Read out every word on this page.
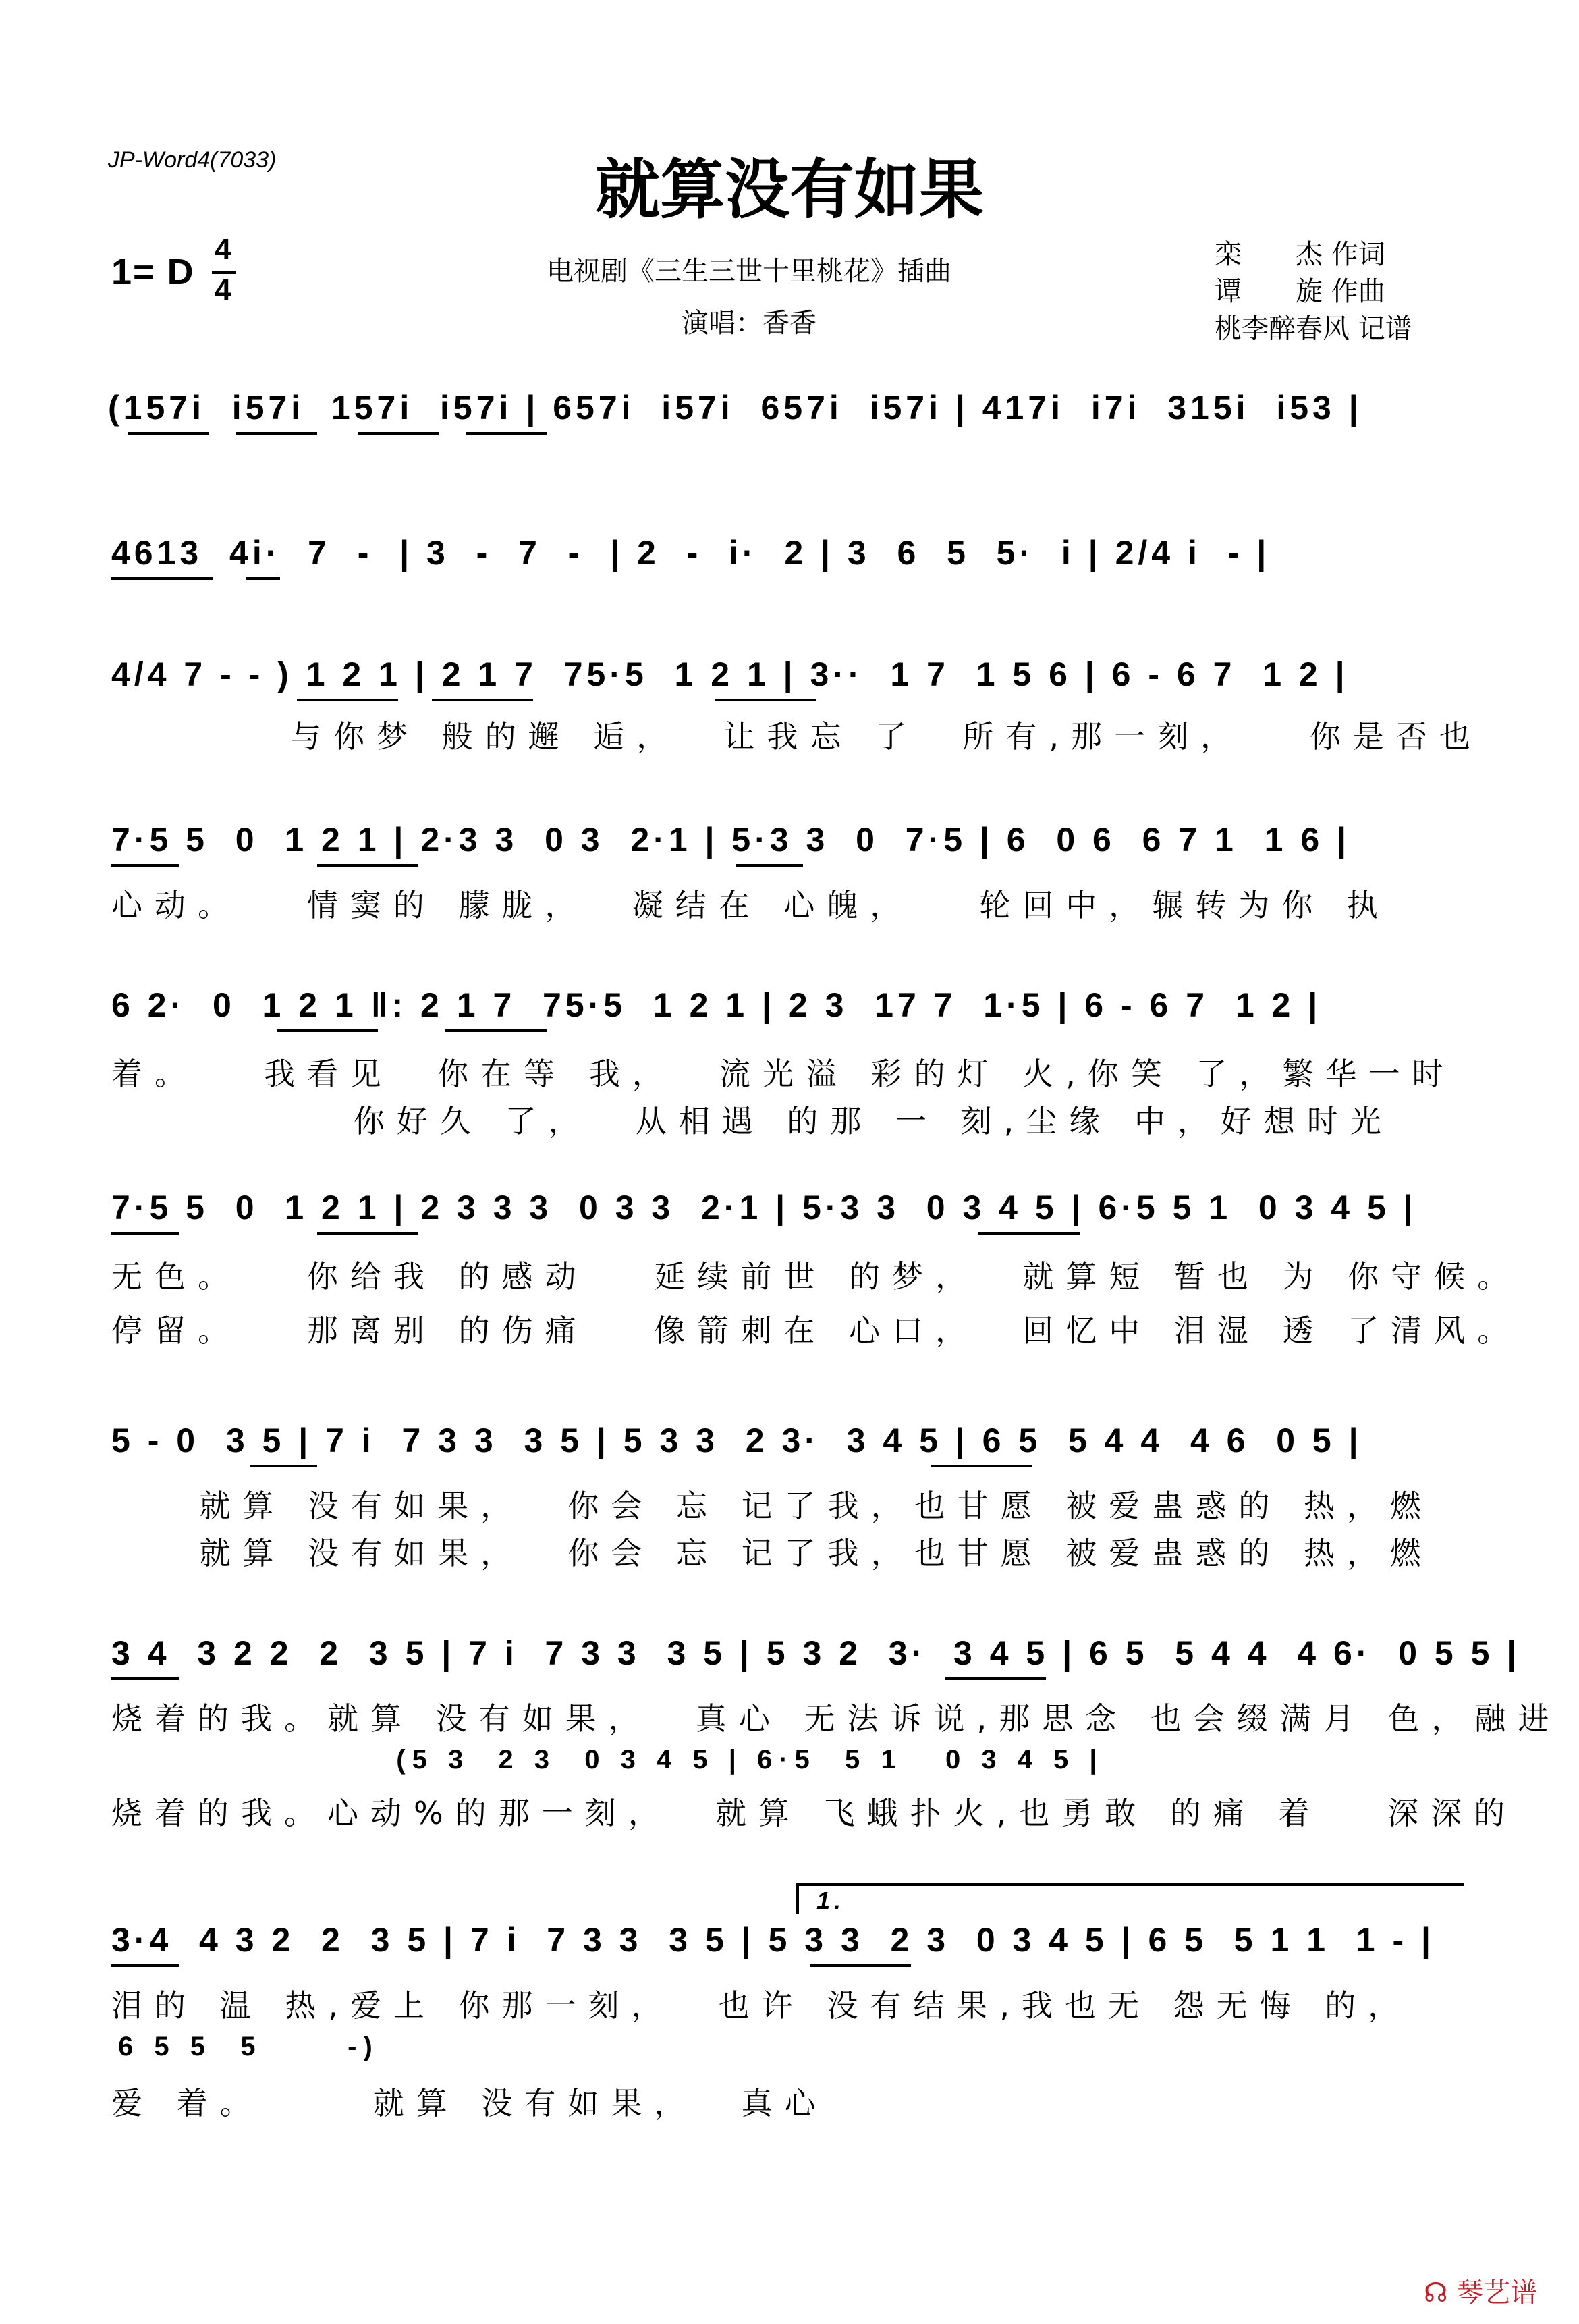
JP-Word4(7033)	就算没有如果
1= D
4
4
电视剧《三生三世十里桃花》插曲
演唱：香香
栾　　杰 作词
谭　　旋 作曲
桃李醉春风 记谱
(157i  i57i  157i  i57i | 657i  i57i  657i  i57i | 417i  i7i  315i  i53 |
4613  4i·  7  -  | 3  -  7  -  | 2  -  i·  2 | 3  6  5  5·  i | 2/4 i  - |
4/4 7 - - ) 1 2 1 | 2 1 7  75·5  1 2 1 | 3··  1 7  1 5 6 | 6 - 6 7  1 2 |
与你梦 般的邂 逅，  让我忘 了  所有,那一刻，   你是否也
7·5 5  0  1 2 1 | 2·3 3  0 3  2·1 | 5·3 3  0  7·5 | 6  0 6  6 7 1  1 6 |
心动。   情窦的 朦胧，  凝结在 心魄，   轮回中，辗转为你 执
6 2·  0  1 2 1 ‖: 2 1 7  75·5  1 2 1 | 2 3  17 7  1·5 | 6 - 6 7  1 2 |
着。   我看见  你在等 我，  流光溢 彩的灯 火,你笑 了，繁华一时
你好久 了，  从相遇 的那 一 刻,尘缘 中，好想时光
7·5 5  0  1 2 1 | 2 3 3 3  0 3 3  2·1 | 5·3 3  0 3 4 5 | 6·5 5 1  0 3 4 5 |
无色。   你给我 的感动   延续前世 的梦，  就算短 暂也 为 你守候。
停留。   那离别 的伤痛   像箭刺在 心口，  回忆中 泪湿 透 了清风。
5 - 0  3 5 | 7 i  7 3 3  3 5 | 5 3 3  2 3·  3 4 5 | 6 5  5 4 4  4 6  0 5 |
就算 没有如果，  你会 忘 记了我，也甘愿 被爱蛊惑的 热，燃
就算 没有如果，  你会 忘 记了我，也甘愿 被爱蛊惑的 热，燃
3 4  3 2 2  2  3 5 | 7 i  7 3 3  3 5 | 5 3 2  3·  3 4 5 | 6 5  5 4 4  4 6·  0 5 5 |
烧着的我。就算 没有如果，  真心 无法诉说,那思念 也会缀满月 色，融进
(5 3  2 3  0 3 4 5 | 6·5  5 1   0 3 4 5 |
烧着的我。心动%的那一刻，  就算 飞蛾扑火,也勇敢 的痛 着   深深的
1.
3·4  4 3 2  2  3 5 | 7 i  7 3 3  3 5 | 5 3 3  2 3  0 3 4 5 | 6 5  5 1 1  1 - |
泪的 温 热,爱上 你那一刻，  也许 没有结果,我也无 怨无悔 的，
6 5 5  5      -)
爱 着。     就算 没有如果，  真心
☊ 琴艺谱
